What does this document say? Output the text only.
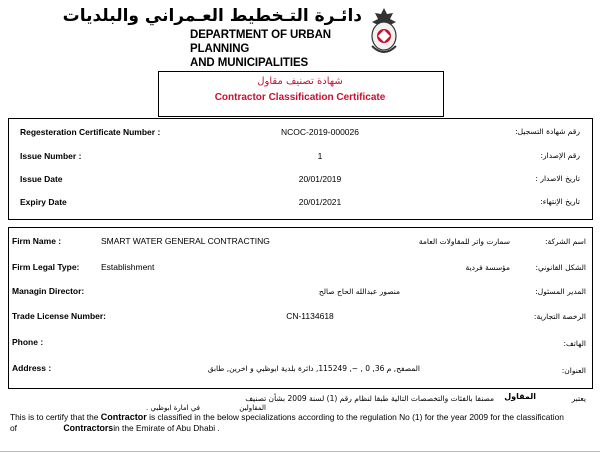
دائـرة التـخطيط العـمراني والبلديات
DEPARTMENT OF URBAN PLANNING
AND MUNICIPALITIES
شهادة تصنيف مقاول
Contractor Classification Certificate
Regesteration Certificate Number :	NCOC-2019-000026	رقم شهادة التسجيل:
Issue Number :	1	رقم الإصدار:
Issue Date	20/01/2019	تاريخ الاصدار :
Expiry Date	20/01/2021	تاريخ الإنتهاء:
Firm Name :	SMART WATER GENERAL CONTRACTING	سمارت واتر للمقاولات العامة	اسم الشركة:
Firm Legal Type:	Establishment	مؤسسة فردية	الشكل القانوني:
Managin Director:	منصور عبدالله الحاج صالح	المدير المسئول:
Trade License Number:	CN-1134618	الرخصة التجارية:
Phone :	الهاتف:
Address :	المصفح, م 36, 0 , ~, 115249, دائرة بلدية ابوظبي و اخرين, طابق	العنوان:
يعتبر
المقاول
مصنفا بالفئات والتخصصات التالية طبقا لنظام رقم (1) لسنة 2009 بشأن تصنيف
المقاولين
في امارة ابوظبي .
This is to certify that the Contractor is classified in the below specializations according to the regulation No (1) for the year 2009 for the classification
of	Contractorsin the Emirate of Abu Dhabi .
